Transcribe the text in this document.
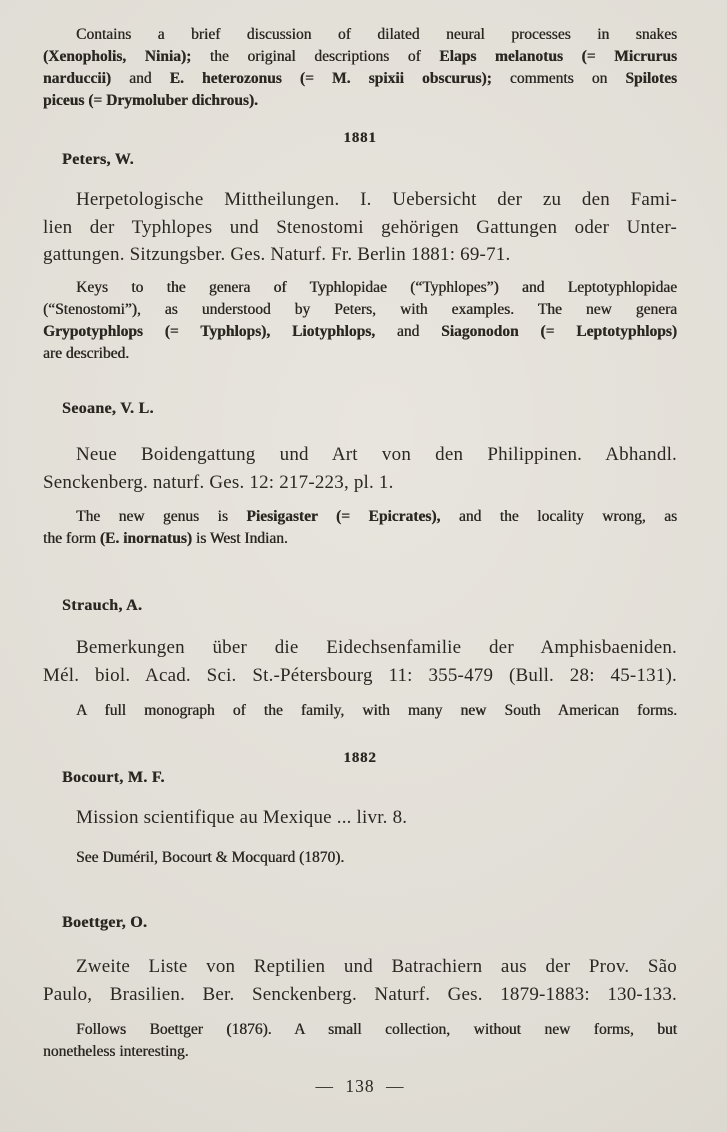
Contains a brief discussion of dilated neural processes in snakes
(Xenopholis, Ninia); the original descriptions of Elaps melanotus (= Micrurus
narduccii) and E. heterozonus (= M. spixii obscurus); comments on Spilotes
piceus (= Drymoluber dichrous).
1881
Peters, W.
Herpetologische Mittheilungen. I. Uebersicht der zu den Fami-
lien der Typhlopes und Stenostomi gehörigen Gattungen oder Unter-
gattungen. Sitzungsber. Ges. Naturf. Fr. Berlin 1881: 69-71.
Keys to the genera of Typhlopidae (“Typhlopes”) and Leptotyphlopidae
(“Stenostomi”), as understood by Peters, with examples. The new genera
Grypotyphlops (= Typhlops), Liotyphlops, and Siagonodon (= Leptotyphlops)
are described.
Seoane, V. L.
Neue Boidengattung und Art von den Philippinen. Abhandl.
Senckenberg. naturf. Ges. 12: 217-223, pl. 1.
The new genus is Piesigaster (= Epicrates), and the locality wrong, as
the form (E. inornatus) is West Indian.
Strauch, A.
Bemerkungen über die Eidechsenfamilie der Amphisbaeniden.
Mél. biol. Acad. Sci. St.-Pétersbourg 11: 355-479 (Bull. 28: 45-131).
A full monograph of the family, with many new South American forms.
1882
Bocourt, M. F.
Mission scientifique au Mexique ... livr. 8.
See Duméril, Bocourt & Mocquard (1870).
Boettger, O.
Zweite Liste von Reptilien und Batrachiern aus der Prov. São
Paulo, Brasilien. Ber. Senckenberg. Naturf. Ges. 1879-1883: 130-133.
Follows Boettger (1876). A small collection, without new forms, but
nonetheless interesting.
— 138 —
